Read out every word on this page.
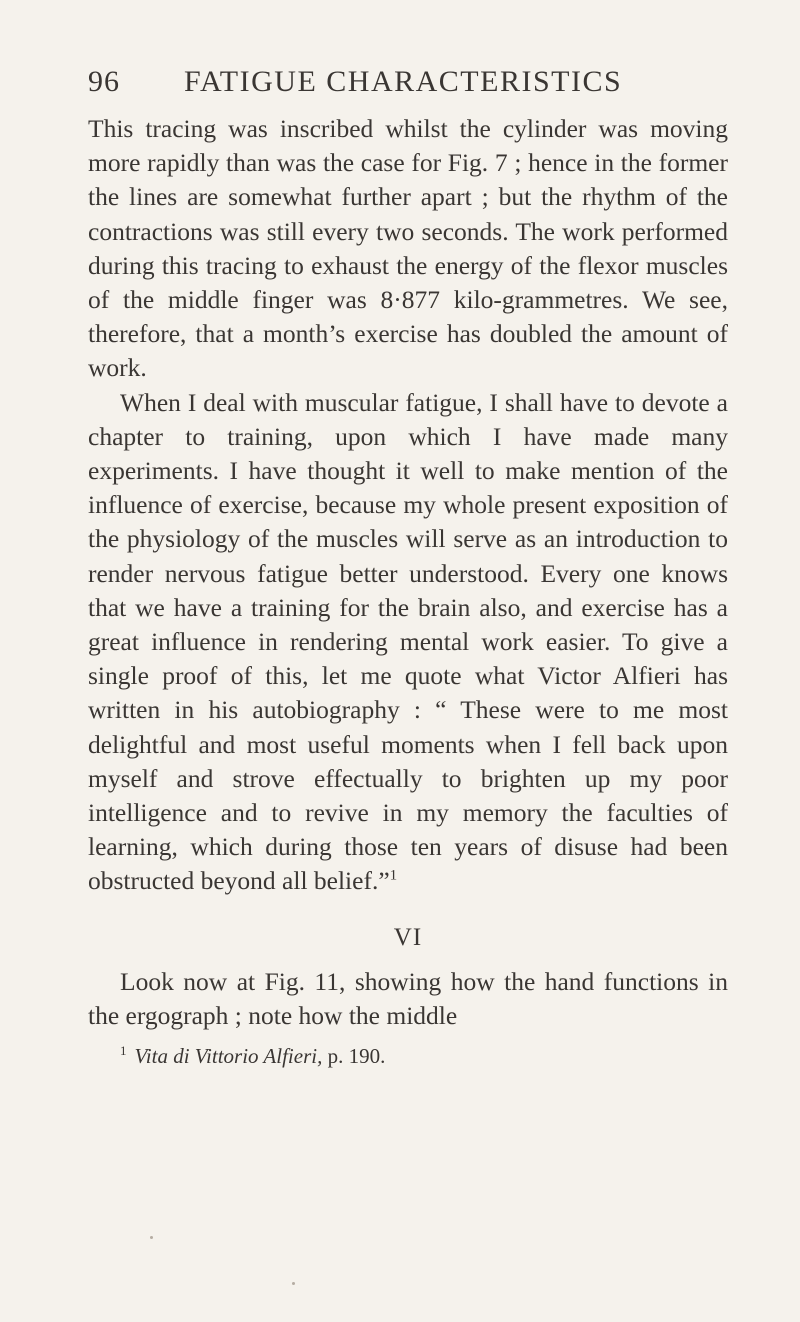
96 FATIGUE CHARACTERISTICS

This tracing was inscribed whilst the cylinder was moving more rapidly than was the case for Fig. 7 ; hence in the former the lines are somewhat further apart ; but the rhythm of the contractions was still every two seconds. The work performed during this tracing to exhaust the energy of the flexor muscles of the middle finger was 8·877 kilo-grammetres. We see, therefore, that a month’s exercise has doubled the amount of work.

When I deal with muscular fatigue, I shall have to devote a chapter to training, upon which I have made many experiments. I have thought it well to make mention of the influence of exercise, because my whole present exposition of the physiology of the muscles will serve as an introduction to render nervous fatigue better understood. Every one knows that we have a training for the brain also, and exercise has a great influence in rendering mental work easier. To give a single proof of this, let me quote what Victor Alfieri has written in his autobiography : “ These were to me most delightful and most useful moments when I fell back upon myself and strove effectually to brighten up my poor intelligence and to revive in my memory the faculties of learning, which during those ten years of disuse had been obstructed beyond all belief.”$^1$

VI

Look now at Fig. 11, showing how the hand functions in the ergograph ; note how the middle

$^1$ Vita di Vittorio Alfieri, p. 190.
